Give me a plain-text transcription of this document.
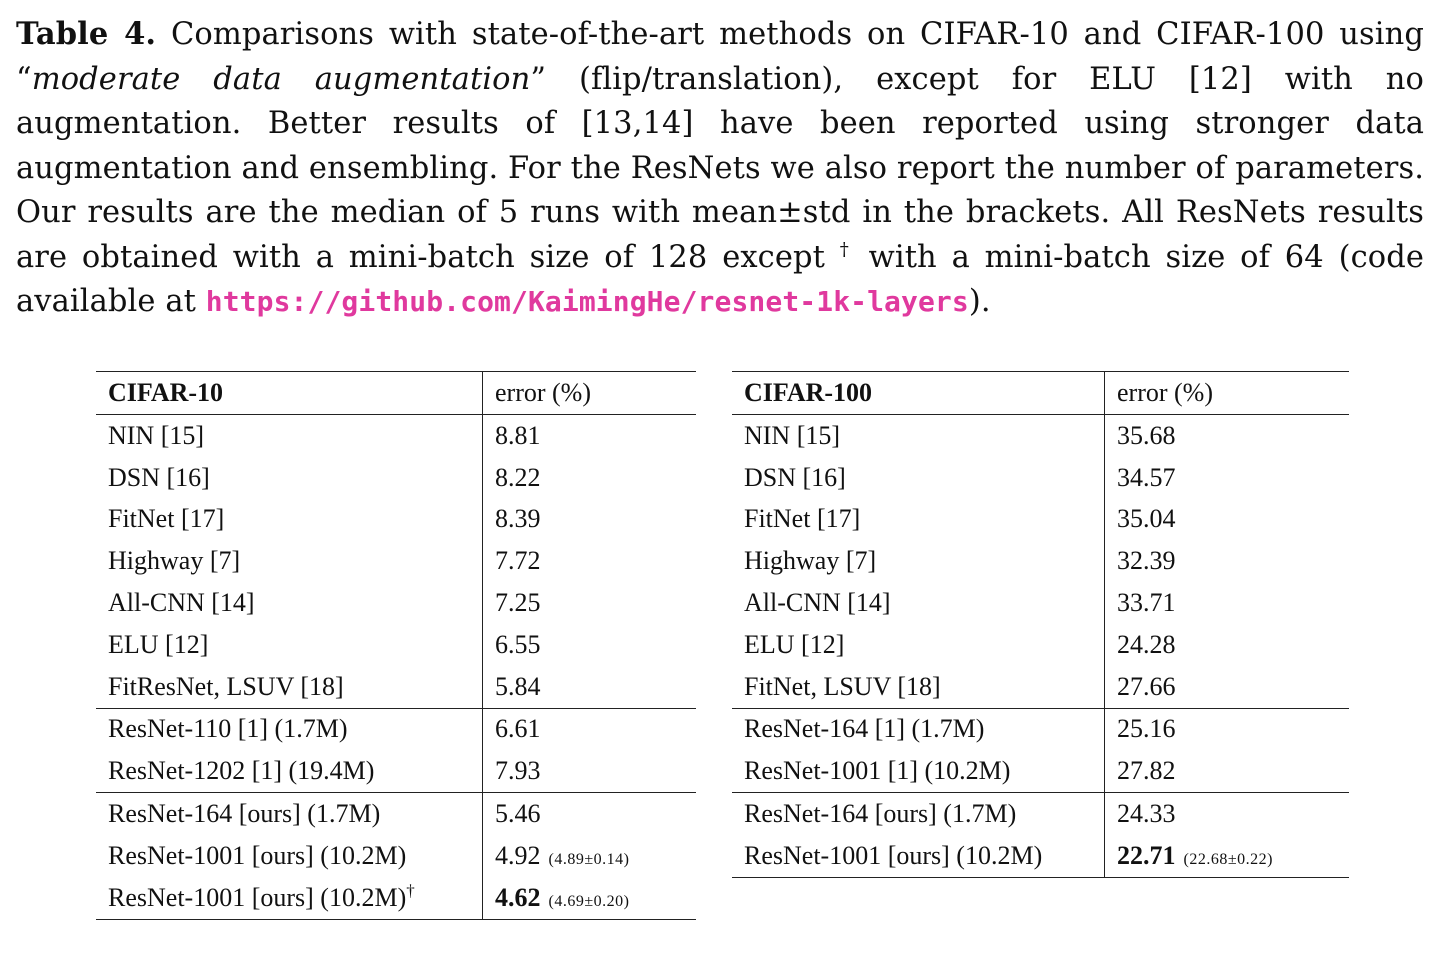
Table 4. Comparisons with state-of-the-art methods on CIFAR-10 and CIFAR-100 using “moderate data augmentation” (flip/translation), except for ELU [12] with no augmentation. Better results of [13,14] have been reported using stronger data augmentation and ensembling. For the ResNets we also report the number of parameters. Our results are the median of 5 runs with mean±std in the brackets. All ResNets results are obtained with a mini-batch size of 128 except † with a mini-batch size of 64 (code available at https://github.com/KaimingHe/resnet-1k-layers).
CIFAR-10	error (%)
NIN [15]	8.81
DSN [16]	8.22
FitNet [17]	8.39
Highway [7]	7.72
All-CNN [14]	7.25
ELU [12]	6.55
FitResNet, LSUV [18]	5.84
ResNet-110 [1] (1.7M)	6.61
ResNet-1202 [1] (19.4M)	7.93
ResNet-164 [ours] (1.7M)	5.46
ResNet-1001 [ours] (10.2M)	4.92 (4.89±0.14)
ResNet-1001 [ours] (10.2M)†	4.62 (4.69±0.20)
CIFAR-100	error (%)
NIN [15]	35.68
DSN [16]	34.57
FitNet [17]	35.04
Highway [7]	32.39
All-CNN [14]	33.71
ELU [12]	24.28
FitNet, LSUV [18]	27.66
ResNet-164 [1] (1.7M)	25.16
ResNet-1001 [1] (10.2M)	27.82
ResNet-164 [ours] (1.7M)	24.33
ResNet-1001 [ours] (10.2M)	22.71 (22.68±0.22)
